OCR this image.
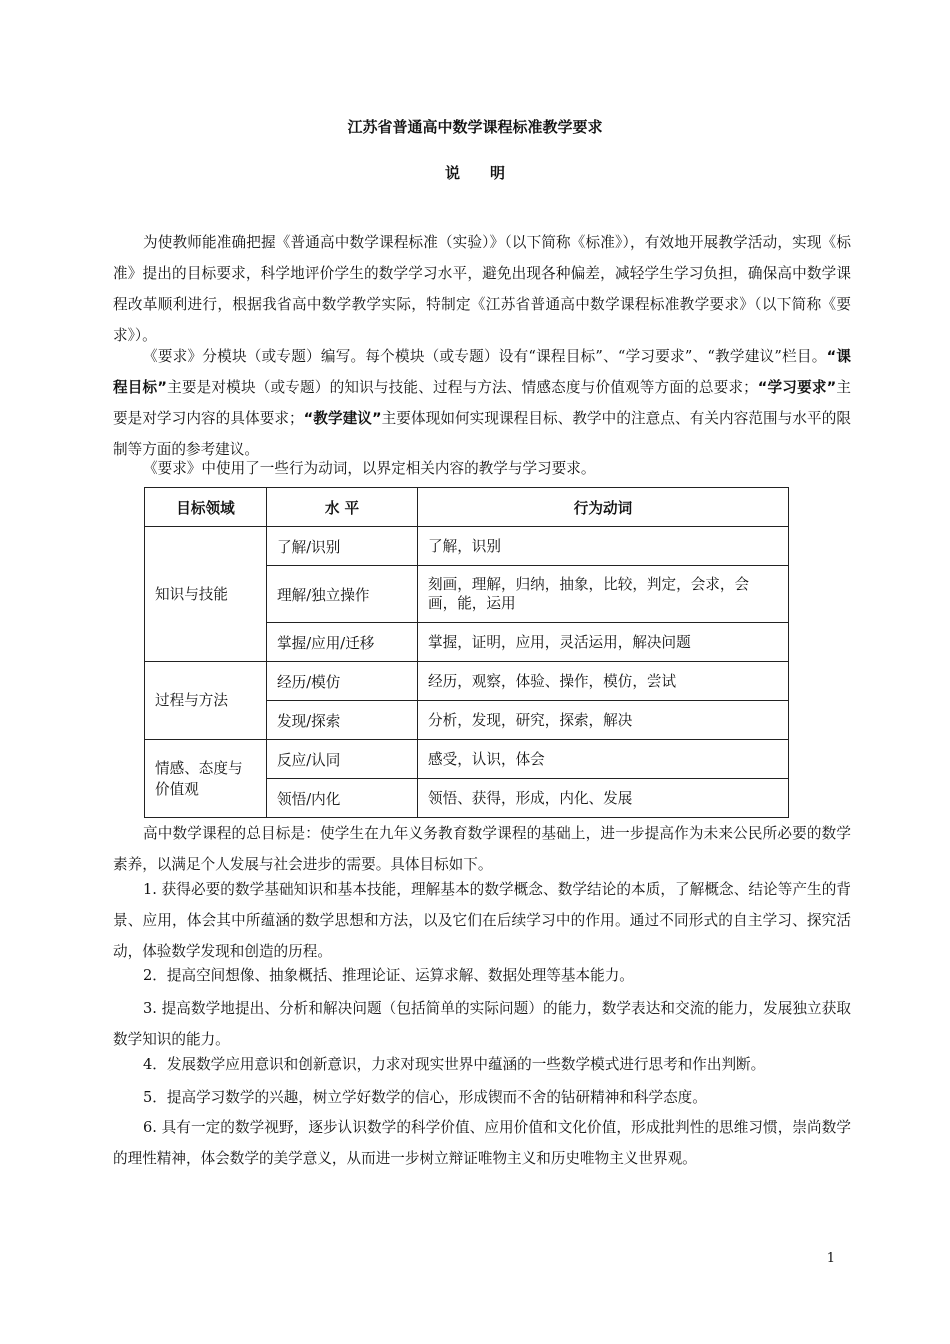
江苏省普通高中数学课程标准教学要求
说明

为使教师能准确把握《普通高中数学课程标准（实验）》（以下简称《标准》），有效地开展教学活动，实现《标准》提出的目标要求，科学地评价学生的数学学习水平，避免出现各种偏差，减轻学生学习负担，确保高中数学课程改革顺利进行，根据我省高中数学教学实际，特制定《江苏省普通高中数学课程标准教学要求》（以下简称《要求》）。

《要求》分模块（或专题）编写。每个模块（或专题）设有“课程目标”、“学习要求”、“教学建议”栏目。“课程目标”主要是对模块（或专题）的知识与技能、过程与方法、情感态度与价值观等方面的总要求；“学习要求”主要是对学习内容的具体要求；“教学建议”主要体现如何实现课程目标、教学中的注意点、有关内容范围与水平的限制等方面的参考建议。

《要求》中使用了一些行为动词，以界定相关内容的教学与学习要求。

目标领域	水 平	行为动词
知识与技能	了解/识别	了解，识别
	理解/独立操作	刻画，理解，归纳，抽象，比较，判定，会求，会画，能，运用
	掌握/应用/迁移	掌握，证明，应用，灵活运用，解决问题
过程与方法	经历/模仿	经历，观察，体验、操作，模仿，尝试
	发现/探索	分析，发现，研究，探索，解决
情感、态度与价值观	反应/认同	感受，认识，体会
	领悟/内化	领悟、获得，形成，内化、发展

高中数学课程的总目标是：使学生在九年义务教育数学课程的基础上，进一步提高作为未来公民所必要的数学素养，以满足个人发展与社会进步的需要。具体目标如下。

1. 获得必要的数学基础知识和基本技能，理解基本的数学概念、数学结论的本质，了解概念、结论等产生的背景、应用，体会其中所蕴涵的数学思想和方法，以及它们在后续学习中的作用。通过不同形式的自主学习、探究活动，体验数学发现和创造的历程。

2．提高空间想像、抽象概括、推理论证、运算求解、数据处理等基本能力。

3. 提高数学地提出、分析和解决问题（包括简单的实际问题）的能力，数学表达和交流的能力，发展独立获取数学知识的能力。

4．发展数学应用意识和创新意识，力求对现实世界中蕴涵的一些数学模式进行思考和作出判断。

5．提高学习数学的兴趣，树立学好数学的信心，形成锲而不舍的钻研精神和科学态度。

6. 具有一定的数学视野，逐步认识数学的科学价值、应用价值和文化价值，形成批判性的思维习惯，崇尚数学的理性精神，体会数学的美学意义，从而进一步树立辩证唯物主义和历史唯物主义世界观。

1
